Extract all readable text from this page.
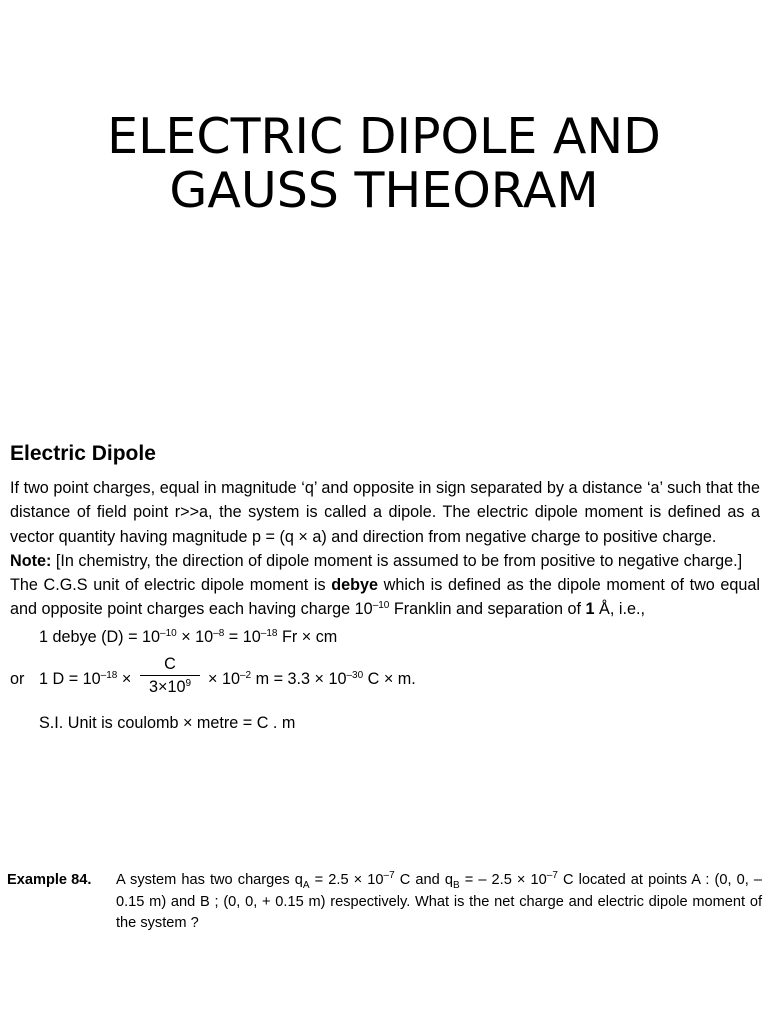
ELECTRIC DIPOLE AND
GAUSS THEORAM
Electric Dipole

If two point charges, equal in magnitude ‘q’ and opposite in sign separated by a distance ‘a’ such that the distance of field point r>>a, the system is called a dipole. The electric dipole moment is defined as a vector quantity having magnitude p = (q × a) and direction from negative charge to positive charge.

Note: [In chemistry, the direction of dipole moment is assumed to be from positive to negative charge.]

The C.G.S unit of electric dipole moment is debye which is defined as the dipole moment of two equal and opposite point charges each having charge $10^{-10}$ Franklin and separation of 1 Å, i.e.,

1 debye $(D) = 10^{-10} \times 10^{-8} = 10^{-18}$ Fr × cm
or 1 $D = 10^{-18} \times \frac{C}{3\times 10^9} \times 10^{-2}$ $m = 3.3 \times 10^{-30}$ C × m.
S.I. Unit is coulomb × metre = C . m
Example 84. A system has two charges $q_A = 2.5 \times 10^{-7}$ C and $q_B$ = – $2.5 \times 10^{-7}$ C located at points A : (0, 0, – 0.15 m) and B ; (0, 0, + 0.15 m) respectively. What is the net charge and electric dipole moment of the system ?
